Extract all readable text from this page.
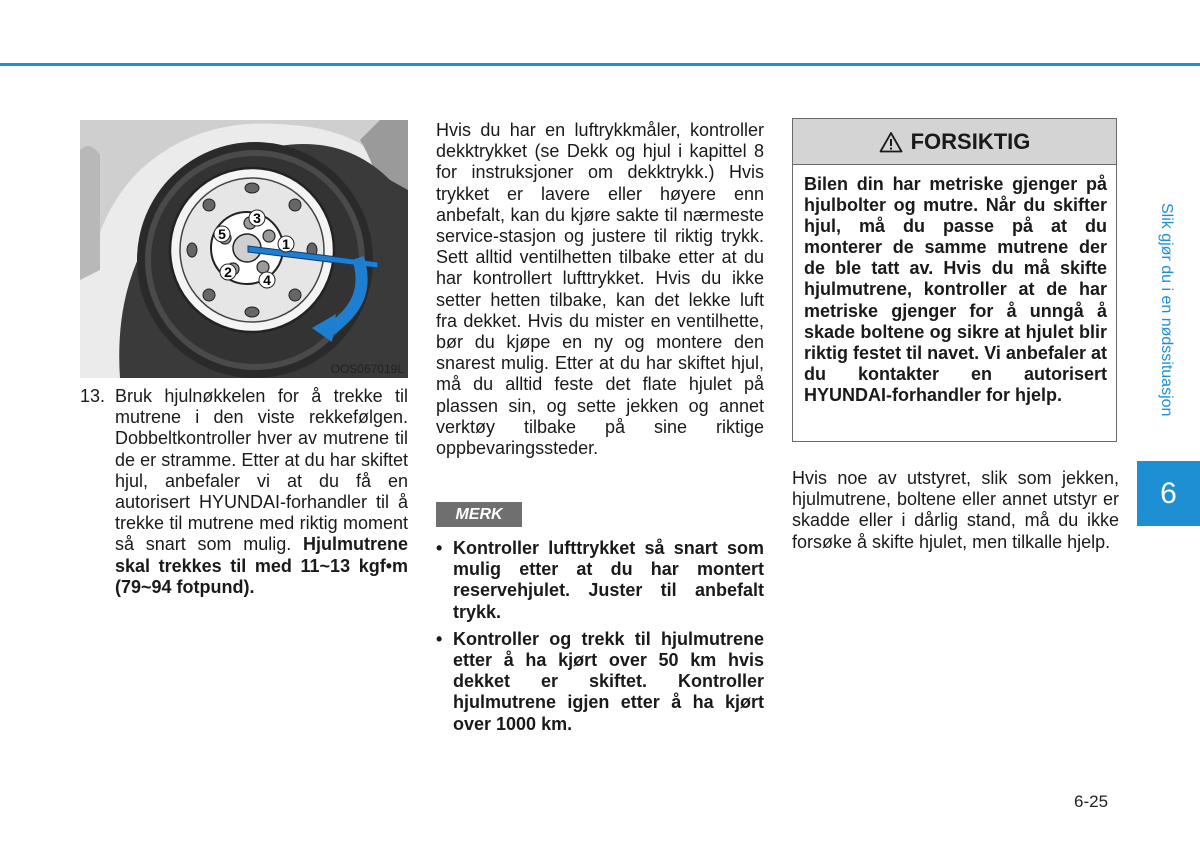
1
2
3
4
5
OOS067019L
13. Bruk hjulnøkkelen for å trekke til mutrene i den viste rekkefølgen. Dobbeltkontroller hver av mutrene til de er stramme. Etter at du har skiftet hjul, anbefaler vi at du få en autorisert HYUNDAI-forhandler til å trekke til mutrene med riktig moment så snart som mulig. Hjulmutrene skal trekkes til med 11~13 kgf•m (79~94 fotpund).

Hvis du har en luftrykkmåler, kontroller dekktrykket (se Dekk og hjul i kapittel 8 for instruksjoner om dekktrykk.) Hvis trykket er lavere eller høyere enn anbefalt, kan du kjøre sakte til nærmeste service-stasjon og justere til riktig trykk. Sett alltid ventilhetten tilbake etter at du har kontrollert lufttrykket. Hvis du ikke setter hetten tilbake, kan det lekke luft fra dekket. Hvis du mister en ventilhette, bør du kjøpe en ny og montere den snarest mulig. Etter at du har skiftet hjul, må du alltid feste det flate hjulet på plassen sin, og sette jekken og annet verktøy tilbake på sine riktige oppbevaringssteder.

MERK
• Kontroller lufttrykket så snart som mulig etter at du har montert reservehjulet. Juster til anbefalt trykk.
• Kontroller og trekk til hjulmutrene etter å ha kjørt over 50 km hvis dekket er skiftet. Kontroller hjulmutrene igjen etter å ha kjørt over 1000 km.
FORSIKTIG
Bilen din har metriske gjenger på hjulbolter og mutre. Når du skifter hjul, må du passe på at du monterer de samme mutrene der de ble tatt av. Hvis du må skifte hjulmutrene, kontroller at de har metriske gjenger for å unngå å skade boltene og sikre at hjulet blir riktig festet til navet. Vi anbefaler at du kontakter en autorisert HYUNDAI-forhandler for hjelp.

Hvis noe av utstyret, slik som jekken, hjulmutrene, boltene eller annet utstyr er skadde eller i dårlig stand, må du ikke forsøke å skifte hjulet, men tilkalle hjelp.

Slik gjør du i en nødssituasjon
6
6-25
